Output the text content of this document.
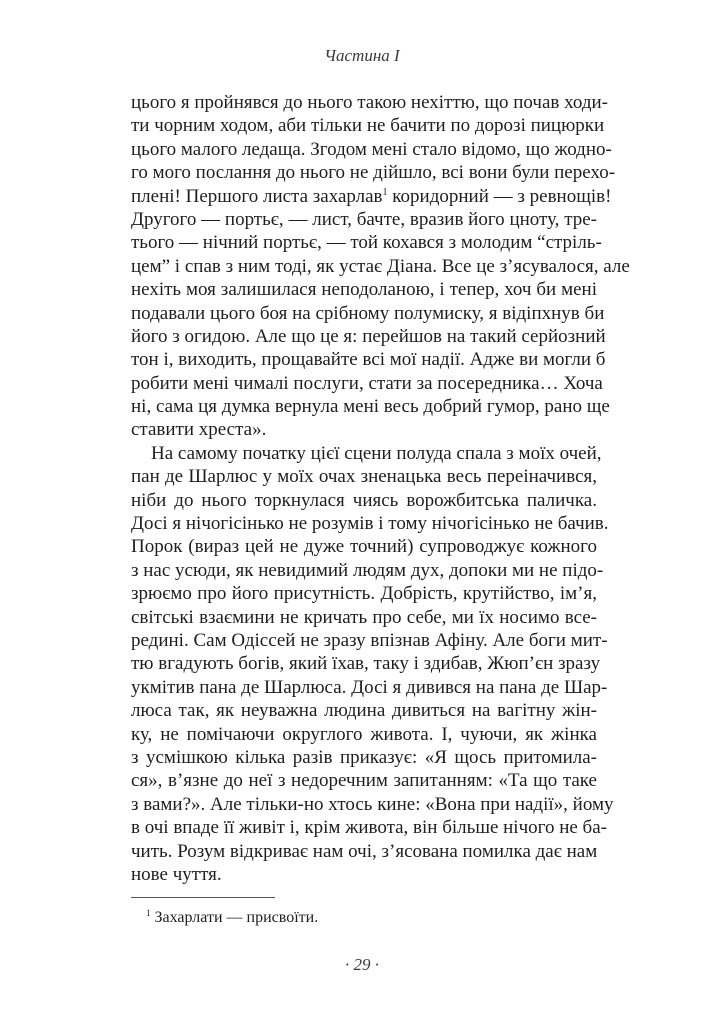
Частина I
цього я пройнявся до нього такою нехіттю, що почав ходи-
ти чорним ходом, аби тільки не бачити по дорозі пицюрки
цього малого ледаща. Згодом мені стало відомо, що жодно-
го мого послання до нього не дійшло, всі вони були перехо-
плені! Першого листа захарлав$^1$ коридорний — з ревнощів!
Другого — портьє, — лист, бачте, вразив його цноту, тре-
тього — нічний портьє, — той кохався з молодим “стріль-
цем” і спав з ним тоді, як устає Діана. Все це з’ясувалося, але
нехіть моя залишилася неподоланою, і тепер, хоч би мені
подавали цього боя на срібному полумиску, я відіпхнув би
його з огидою. Але що це я: перейшов на такий серйозний
тон і, виходить, прощавайте всі мої надії. Адже ви могли б
робити мені чималі послуги, стати за посередника… Хоча
ні, сама ця думка вернула мені весь добрий гумор, рано ще
ставити хреста».
На самому початку цієї сцени полуда спала з моїх очей,
пан де Шарлюс у моїх очах зненацька весь переіначився,
ніби до нього торкнулася чиясь ворожбитська паличка.
Досі я нічогісінько не розумів і тому нічогісінько не бачив.
Порок (вираз цей не дуже точний) супроводжує кожного
з нас усюди, як невидимий людям дух, допоки ми не підо-
зрюємо про його присутність. Добрість, крутійство, ім’я,
світські взаємини не кричать про себе, ми їх носимо все-
редині. Сам Одіссей не зразу впізнав Афіну. Але боги мит-
тю вгадують богів, який їхав, таку і здибав, Жюп’єн зразу
укмітив пана де Шарлюса. Досі я дивився на пана де Шар-
люса так, як неуважна людина дивиться на вагітну жін-
ку, не помічаючи округлого живота. І, чуючи, як жінка
з усмішкою кілька разів приказує: «Я щось притомила-
ся», в’язне до неї з недоречним запитанням: «Та що таке
з вами?». Але тільки-но хтось кине: «Вона при надії», йому
в очі впаде її живіт і, крім живота, він більше нічого не ба-
чить. Розум відкриває нам очі, з’ясована помилка дає нам
нове чуття.
$^1$ Захарлати — присвоїти.
· 29 ·
